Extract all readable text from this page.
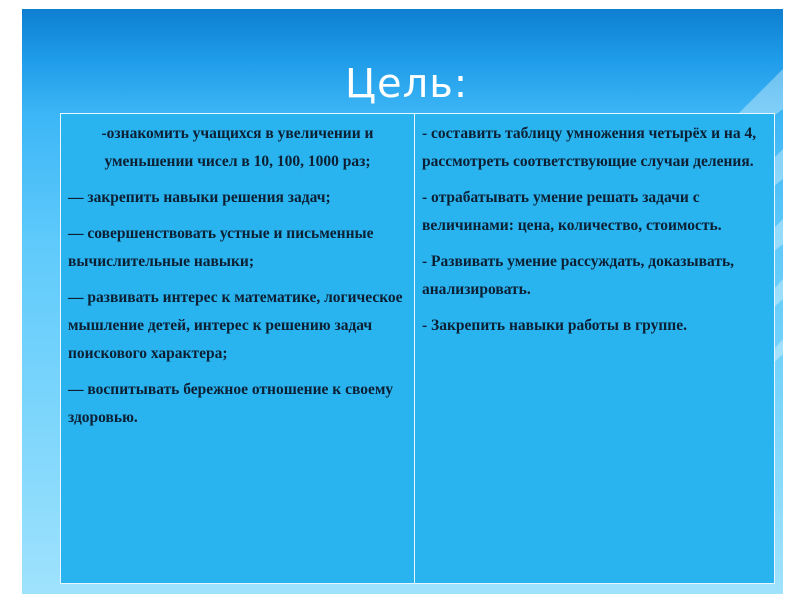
Цель:

-ознакомить учащихся в увеличении и уменьшении чисел в 10, 100, 1000 раз;

— закрепить навыки решения задач;

— совершенствовать устные и письменные вычислительные навыки;

— развивать интерес к математике, логическое мышление детей, интерес к решению задач поискового характера;

— воспитывать бережное отношение к своему здоровью.

- составить таблицу умножения четырёх и на 4, рассмотреть соответствующие случаи деления.

- отрабатывать умение решать задачи с величинами: цена, количество, стоимость.

- Развивать умение рассуждать, доказывать, анализировать.

- Закрепить навыки работы в группе.
